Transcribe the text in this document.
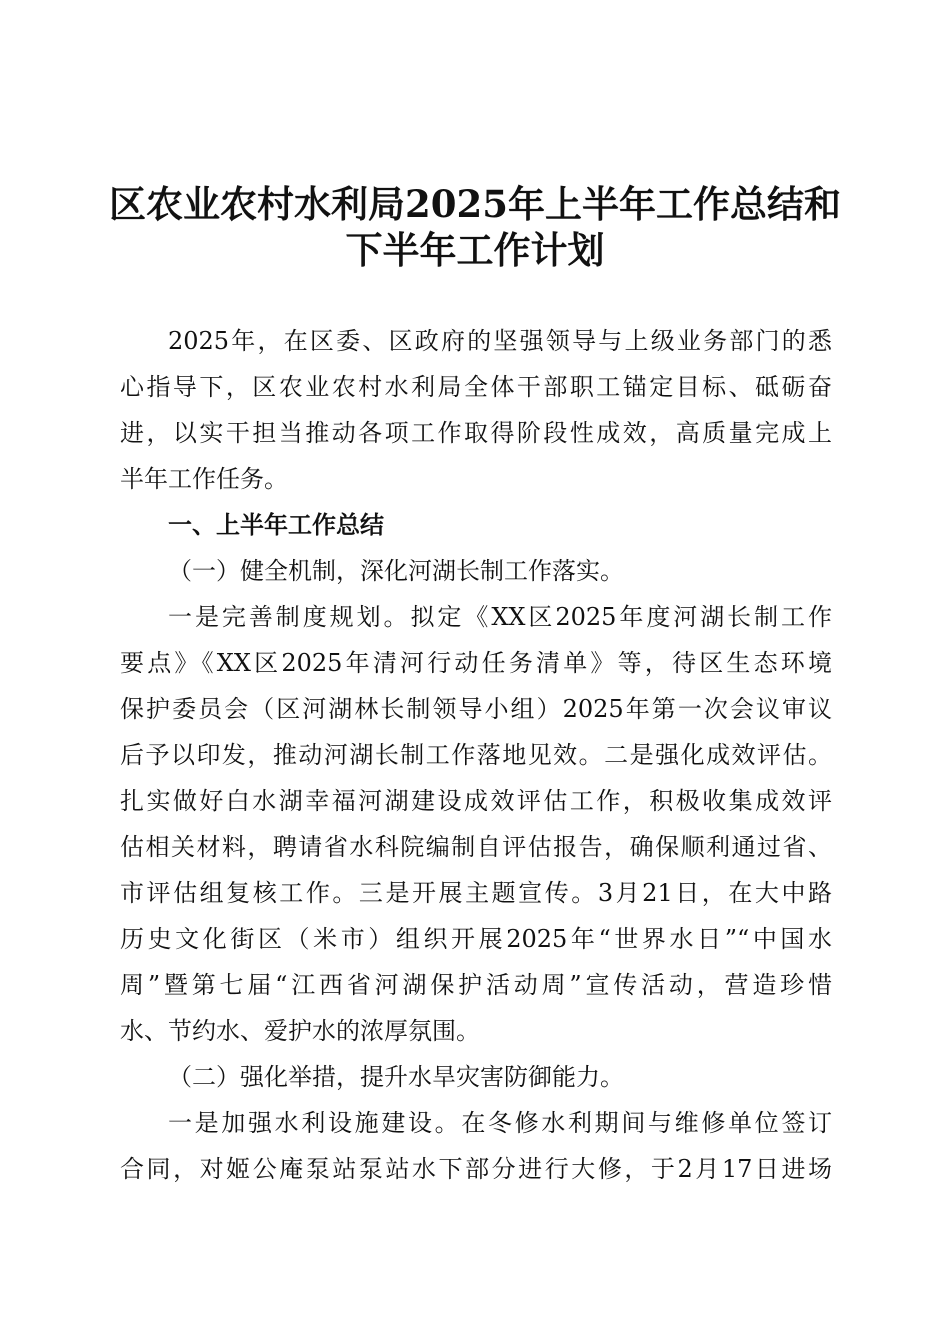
区农业农村水利局2025年上半年工作总结和
下半年工作计划
2025年，在区委、区政府的坚强领导与上级业务部门的悉
心指导下，区农业农村水利局全体干部职工锚定目标、砥砺奋
进，以实干担当推动各项工作取得阶段性成效，高质量完成上
半年工作任务。
一、上半年工作总结
（一）健全机制，深化河湖长制工作落实。
一是完善制度规划。拟定《XX区2025年度河湖长制工作
要点》《XX区2025年清河行动任务清单》等，待区生态环境
保护委员会（区河湖林长制领导小组）2025年第一次会议审议
后予以印发，推动河湖长制工作落地见效。二是强化成效评估。
扎实做好白水湖幸福河湖建设成效评估工作，积极收集成效评
估相关材料，聘请省水科院编制自评估报告，确保顺利通过省、
市评估组复核工作。三是开展主题宣传。3月21日，在大中路
历史文化街区（米市）组织开展2025年“世界水日”“中国水
周”暨第七届“江西省河湖保护活动周”宣传活动，营造珍惜
水、节约水、爱护水的浓厚氛围。
（二）强化举措，提升水旱灾害防御能力。
一是加强水利设施建设。在冬修水利期间与维修单位签订
合同，对姬公庵泵站泵站水下部分进行大修，于2月17日进场
